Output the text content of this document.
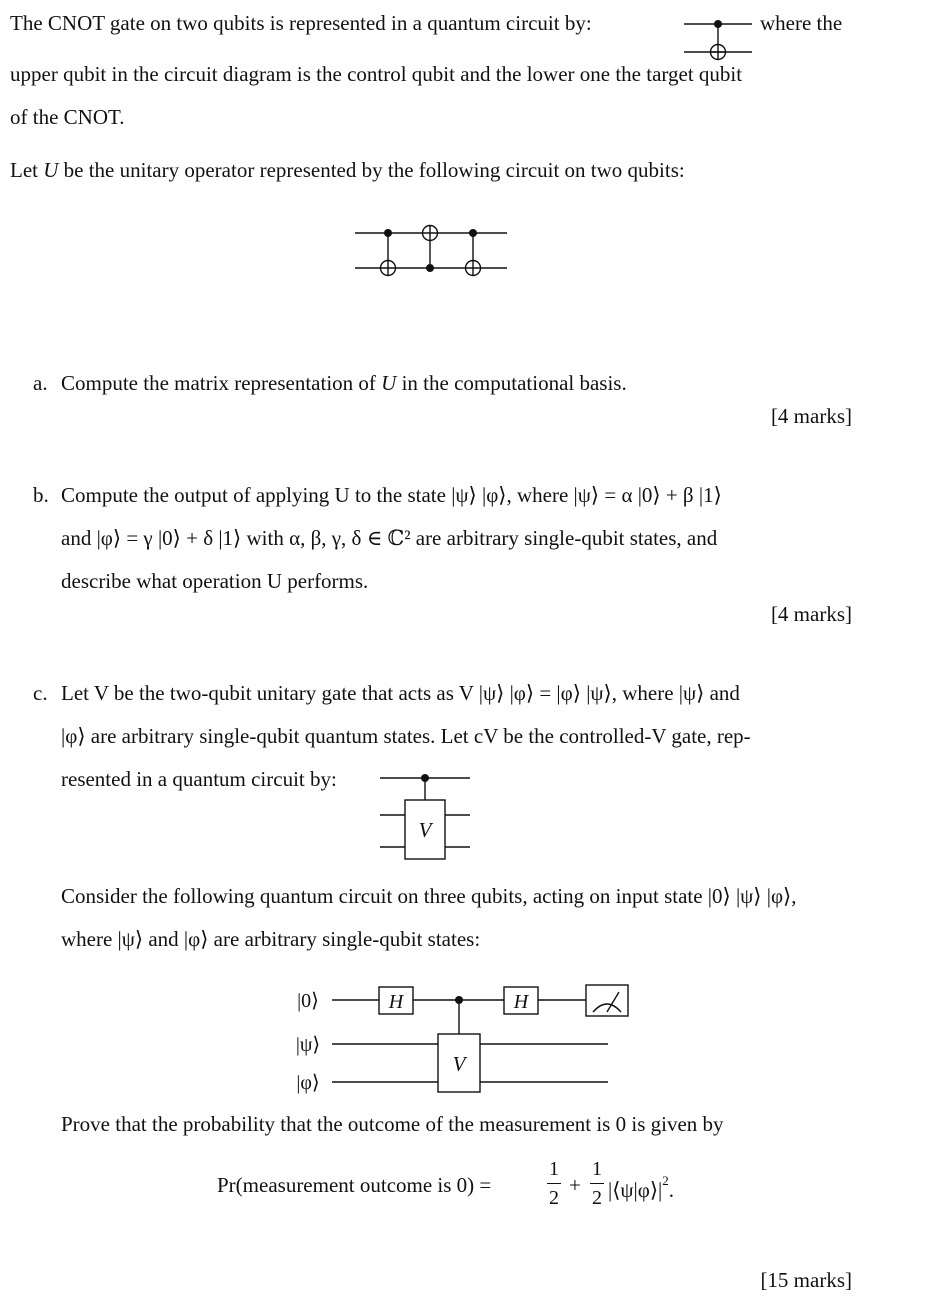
The CNOT gate on two qubits is represented in a quantum circuit by:	where the
upper qubit in the circuit diagram is the control qubit and the lower one the target qubit
of the CNOT.
Let U be the unitary operator represented by the following circuit on two qubits:
a. Compute the matrix representation of U in the computational basis.
[4 marks]
b. Compute the output of applying U to the state |ψ⟩ |φ⟩, where |ψ⟩ = α |0⟩ + β |1⟩
and |φ⟩ = γ |0⟩ + δ |1⟩ with α, β, γ, δ ∈ ℂ² are arbitrary single-qubit states, and
describe what operation U performs.
[4 marks]
c. Let V be the two-qubit unitary gate that acts as V |ψ⟩ |φ⟩ = |φ⟩ |ψ⟩, where |ψ⟩ and
|φ⟩ are arbitrary single-qubit quantum states. Let cV be the controlled-V gate, rep-
resented in a quantum circuit by:
V
Consider the following quantum circuit on three qubits, acting on input state |0⟩ |ψ⟩ |φ⟩,
where |ψ⟩ and |φ⟩ are arbitrary single-qubit states:
|0⟩
|ψ⟩
|φ⟩
H	H
V
Prove that the probability that the outcome of the measurement is 0 is given by
Pr(measurement outcome is 0) =
1
2
+
1
2 $|⟨\psi|\varphi⟩|^2$.
[15 marks]
